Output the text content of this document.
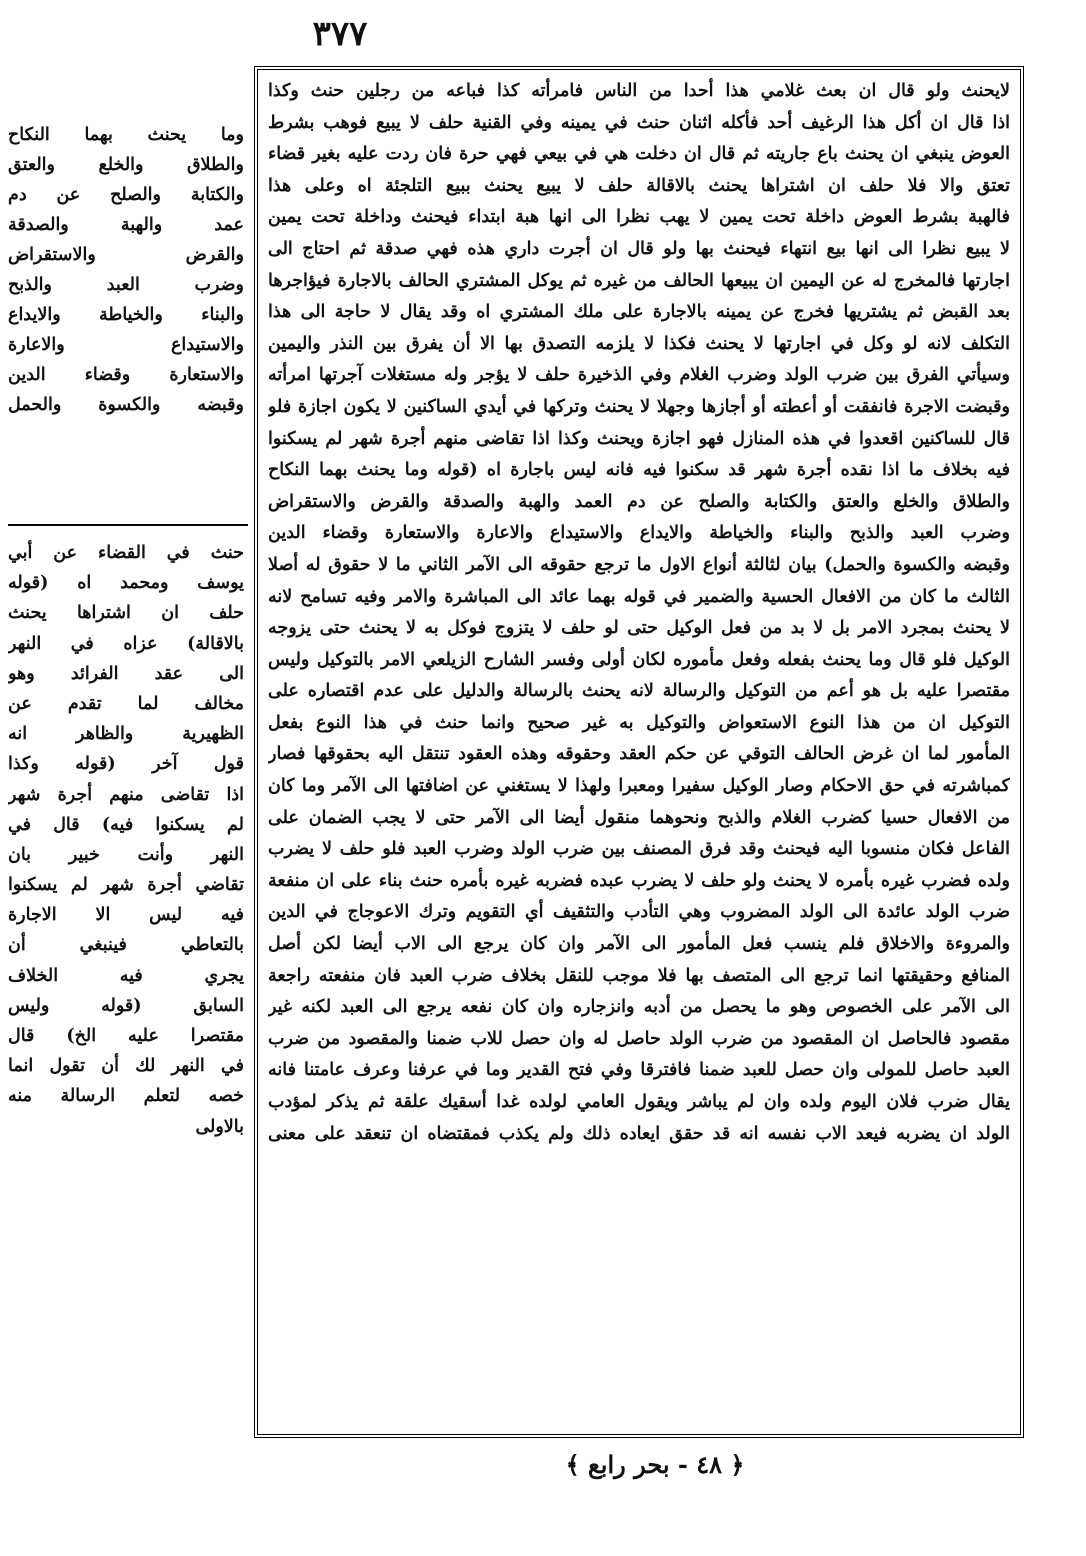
٣٧٧
وما يحنث بهما النكاح
والطلاق والخلع والعتق
والكتابة والصلح عن دم
عمد والهبة والصدقة
والقرض والاستقراض
وضرب العبد والذبح
والبناء والخياطة والايداع
والاستيداع والاعارة
والاستعارة وقضاء الدين
وقبضه والكسوة والحمل
حنث في القضاء عن أبي
يوسف ومحمد اه (قوله
حلف ان اشتراها يحنث
بالاقالة) عزاه في النهر
الى عقد الفرائد وهو
مخالف لما تقدم عن
الظهيرية والظاهر انه
قول آخر (قوله وكذا
اذا تقاضى منهم أجرة شهر
لم يسكنوا فيه) قال في
النهر وأنت خبير بان
تقاضي أجرة شهر لم يسكنوا
فيه ليس الا الاجارة
بالتعاطي فينبغي أن
يجري فيه الخلاف
السابق (قوله وليس
مقتصرا عليه الخ) قال
في النهر لك أن تقول انما
خصه لتعلم الرسالة منه
بالاولى
لايحنث ولو قال ان بعث غلامي هذا أحدا من الناس فامرأته كذا فباعه من رجلين حنث وكذا
اذا قال ان أكل هذا الرغيف أحد فأكله اثنان حنث في يمينه وفي القنية حلف لا يبيع فوهب بشرط
العوض ينبغي ان يحنث باع جاريته ثم قال ان دخلت هي في بيعي فهي حرة فان ردت عليه بغير قضاء
تعتق والا فلا حلف ان اشتراها يحنث بالاقالة حلف لا يبيع يحنث ببيع التلجئة اه وعلى هذا
فالهبة بشرط العوض داخلة تحت يمين لا يهب نظرا الى انها هبة ابتداء فيحنث وداخلة تحت يمين
لا يبيع نظرا الى انها بيع انتهاء فيحنث بها ولو قال ان أجرت داري هذه فهي صدقة ثم احتاج الى
اجارتها فالمخرج له عن اليمين ان يبيعها الحالف من غيره ثم يوكل المشتري الحالف بالاجارة فيؤاجرها
بعد القبض ثم يشتريها فخرج عن يمينه بالاجارة على ملك المشتري اه وقد يقال لا حاجة الى هذا
التكلف لانه لو وكل في اجارتها لا يحنث فكذا لا يلزمه التصدق بها الا أن يفرق بين النذر واليمين
وسيأتي الفرق بين ضرب الولد وضرب الغلام وفي الذخيرة حلف لا يؤجر وله مستغلات آجرتها امرأته
وقبضت الاجرة فانفقت أو أعطته أو أجازها وجهلا لا يحنث وتركها في أيدي الساكنين لا يكون اجازة فلو
قال للساكنين اقعدوا في هذه المنازل فهو اجازة ويحنث وكذا اذا تقاضى منهم أجرة شهر لم يسكنوا
فيه بخلاف ما اذا نقده أجرة شهر قد سكنوا فيه فانه ليس باجارة اه (قوله وما يحنث بهما النكاح
والطلاق والخلع والعتق والكتابة والصلح عن دم العمد والهبة والصدقة والقرض والاستقراض
وضرب العبد والذبح والبناء والخياطة والايداع والاستيداع والاعارة والاستعارة وقضاء الدين
وقبضه والكسوة والحمل) بيان لثالثة أنواع الاول ما ترجع حقوقه الى الآمر الثاني ما لا حقوق له أصلا
الثالث ما كان من الافعال الحسية والضمير في قوله بهما عائد الى المباشرة والامر وفيه تسامح لانه
لا يحنث بمجرد الامر بل لا بد من فعل الوكيل حتى لو حلف لا يتزوج فوكل به لا يحنث حتى يزوجه
الوكيل فلو قال وما يحنث بفعله وفعل مأموره لكان أولى وفسر الشارح الزيلعي الامر بالتوكيل وليس
مقتصرا عليه بل هو أعم من التوكيل والرسالة لانه يحنث بالرسالة والدليل على عدم اقتصاره على
التوكيل ان من هذا النوع الاستعواض والتوكيل به غير صحيح وانما حنث في هذا النوع بفعل
المأمور لما ان غرض الحالف التوقي عن حكم العقد وحقوقه وهذه العقود تنتقل اليه بحقوقها فصار
كمباشرته في حق الاحكام وصار الوكيل سفيرا ومعبرا ولهذا لا يستغني عن اضافتها الى الآمر وما كان
من الافعال حسيا كضرب الغلام والذبح ونحوهما منقول أيضا الى الآمر حتى لا يجب الضمان على
الفاعل فكان منسوبا اليه فيحنث وقد فرق المصنف بين ضرب الولد وضرب العبد فلو حلف لا يضرب
ولده فضرب غيره بأمره لا يحنث ولو حلف لا يضرب عبده فضربه غيره بأمره حنث بناء على ان منفعة
ضرب الولد عائدة الى الولد المضروب وهي التأدب والتثقيف أي التقويم وترك الاعوجاج في الدين
والمروءة والاخلاق فلم ينسب فعل المأمور الى الآمر وان كان يرجع الى الاب أيضا لكن أصل
المنافع وحقيقتها انما ترجع الى المتصف بها فلا موجب للنقل بخلاف ضرب العبد فان منفعته راجعة
الى الآمر على الخصوص وهو ما يحصل من أدبه وانزجاره وان كان نفعه يرجع الى العبد لكنه غير
مقصود فالحاصل ان المقصود من ضرب الولد حاصل له وان حصل للاب ضمنا والمقصود من ضرب
العبد حاصل للمولى وان حصل للعبد ضمنا فافترقا وفي فتح القدير وما في عرفنا وعرف عامتنا فانه
يقال ضرب فلان اليوم ولده وان لم يباشر ويقول العامي لولده غدا أسقيك علقة ثم يذكر لمؤدب
الولد ان يضربه فيعد الاب نفسه انه قد حقق ايعاده ذلك ولم يكذب فمقتضاه ان تنعقد على معنى
﴿ ٤٨ - بحر رابع ﴾
